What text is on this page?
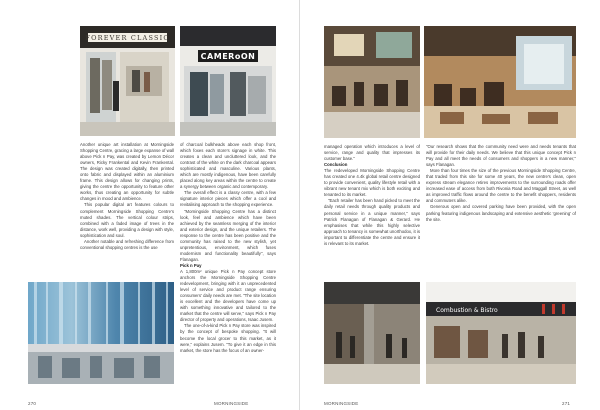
FOREVER CLASSIC
CAMERoON

Another unique art installation at Morningside Shopping Centre, gracing a large expanse of wall above Pick n Pay, was created by Lemon Décor owners, Ricky Frankental and Kevin Frankental. The design was created digitally, then printed onto fabric and displayed within an aluminium frame. This design allows for changing prints, giving the centre the opportunity to feature other works, thus creating an opportunity for subtle changes in mood and ambience.

This popular digital art features colours to complement Morningside Shopping Centre's muted shades. The vertical colour strips, combined with a faded image of trees in the distance, work well, providing a design with style, sophistication and soul.

Another notable and refreshing difference from conventional shopping centres is the use

of charcoal bulkheads above each shop front, which foxes each store's signage in white. This creates a clean and uncluttered look, and the contrast of the white on the dark charcoal appears sophisticated and masculine. Various plants, which are mostly indigenous, have been carefully placed along key areas within the centre to create a synergy between organic and contemporary.

The overall effect is a classy centre, with a few signature interior pieces which offer a cool and revitalising approach to the shopping experience.

"Morningside Shopping Centre has a distinct look, feel and ambience which have been achieved by the seamless merging of the interior and exterior design, and the unique retailers. The response to the centre has been positive and the community has raised to the new stylish, yet unpretentious, environment, which fuses modernism and functionality beautifully", says Flanagan.

Pick n Pay

A 1,800m² unique Pick n Pay concept store anchors the Morningside Shopping Centre redevelopment, bringing with it an unprecedented level of service and product range ensuring consumers' daily needs are met. "The site location is excellent and the developers have come up with something innovative and tailored to the market that the centre will serve," says Pick n Pay director of property and operations, Isaac Jusem.

The one-of-a-kind Pick n Pay store was inspired by the concept of bespoke shopping. "It will become the local grocer to this market, as it were," explains Jusem. "To give it an edge in this market, the store has the focus of an owner-

270	MORNINGSIDE

managed operation which introduces a level of service, range and quality that impresses its customer base."

Conclusion

The redeveloped Morningside Shopping Centre has created one 4.4k global retail centre designed to provide convenient, quality lifestyle retail with a vibrant new tenant mix which is both exciting and tenanted to its market.

"Each retailer has been hand picked to meet the daily retail needs through quality products and personal service in a unique manner," says Patrick Flanagan of Flanagan & Gerard. He emphasises that while this highly selective approach to tenancy is somewhat unorthodox, it is important to differentiate the centre and ensure it is relevant to its market.

"Our research shows that the community need were and needs tenants that will provide for their daily needs. We believe that this unique concept Pick n Pay and all meet the needs of consumers and shoppers in a new manner," says Flanagan.

More than four times the size of the previous Morningside Shopping Centre, that traded from this site for some 40 years, the new centre's clean, open express stream elegance retires improvements to the surrounding roads offer increased ease of access from both Rivonia Road and Maggall Street, as well as improved traffic flows around the centre to the benefit shoppers, residents and commuters alike.

Generous open and covered parking have been provided, with the open parking featuring indigenous landscaping and extensive aesthetic 'greening' of the site.

Combustion & Bistro
MORNINGSIDE	271
